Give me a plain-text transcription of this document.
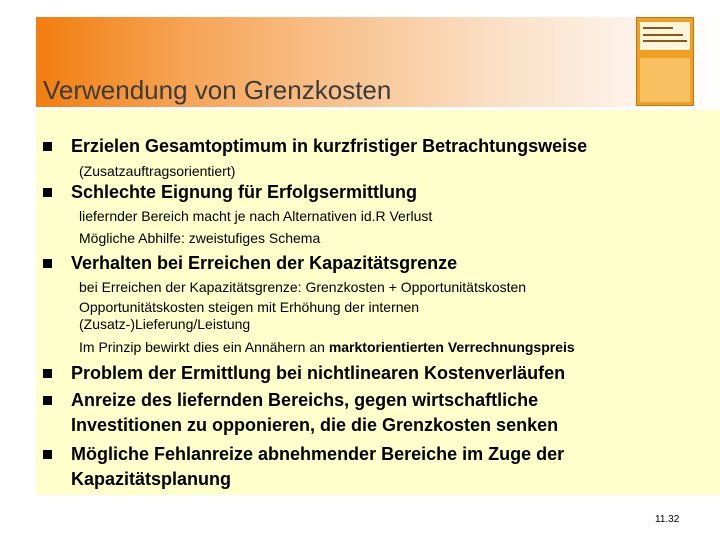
Verwendung von Grenzkosten

Erzielen Gesamtoptimum in kurzfristiger Betrachtungsweise

(Zusatzauftragsorientiert)

Schlechte Eignung für Erfolgsermittlung

liefernder Bereich macht je nach Alternativen id.R Verlust

Mögliche Abhilfe: zweistufiges Schema

Verhalten bei Erreichen der Kapazitätsgrenze

bei Erreichen der Kapazitätsgrenze: Grenzkosten + Opportunitätskosten

Opportunitätskosten steigen mit Erhöhung der internen

(Zusatz-)Lieferung/Leistung

Im Prinzip bewirkt dies ein Annähern an marktorientierten Verrechnungspreis

Problem der Ermittlung bei nichtlinearen Kostenverläufen

Anreize des liefernden Bereichs, gegen wirtschaftliche

Investitionen zu opponieren, die die Grenzkosten senken

Mögliche Fehlanreize abnehmender Bereiche im Zuge der

Kapazitätsplanung

11.32
